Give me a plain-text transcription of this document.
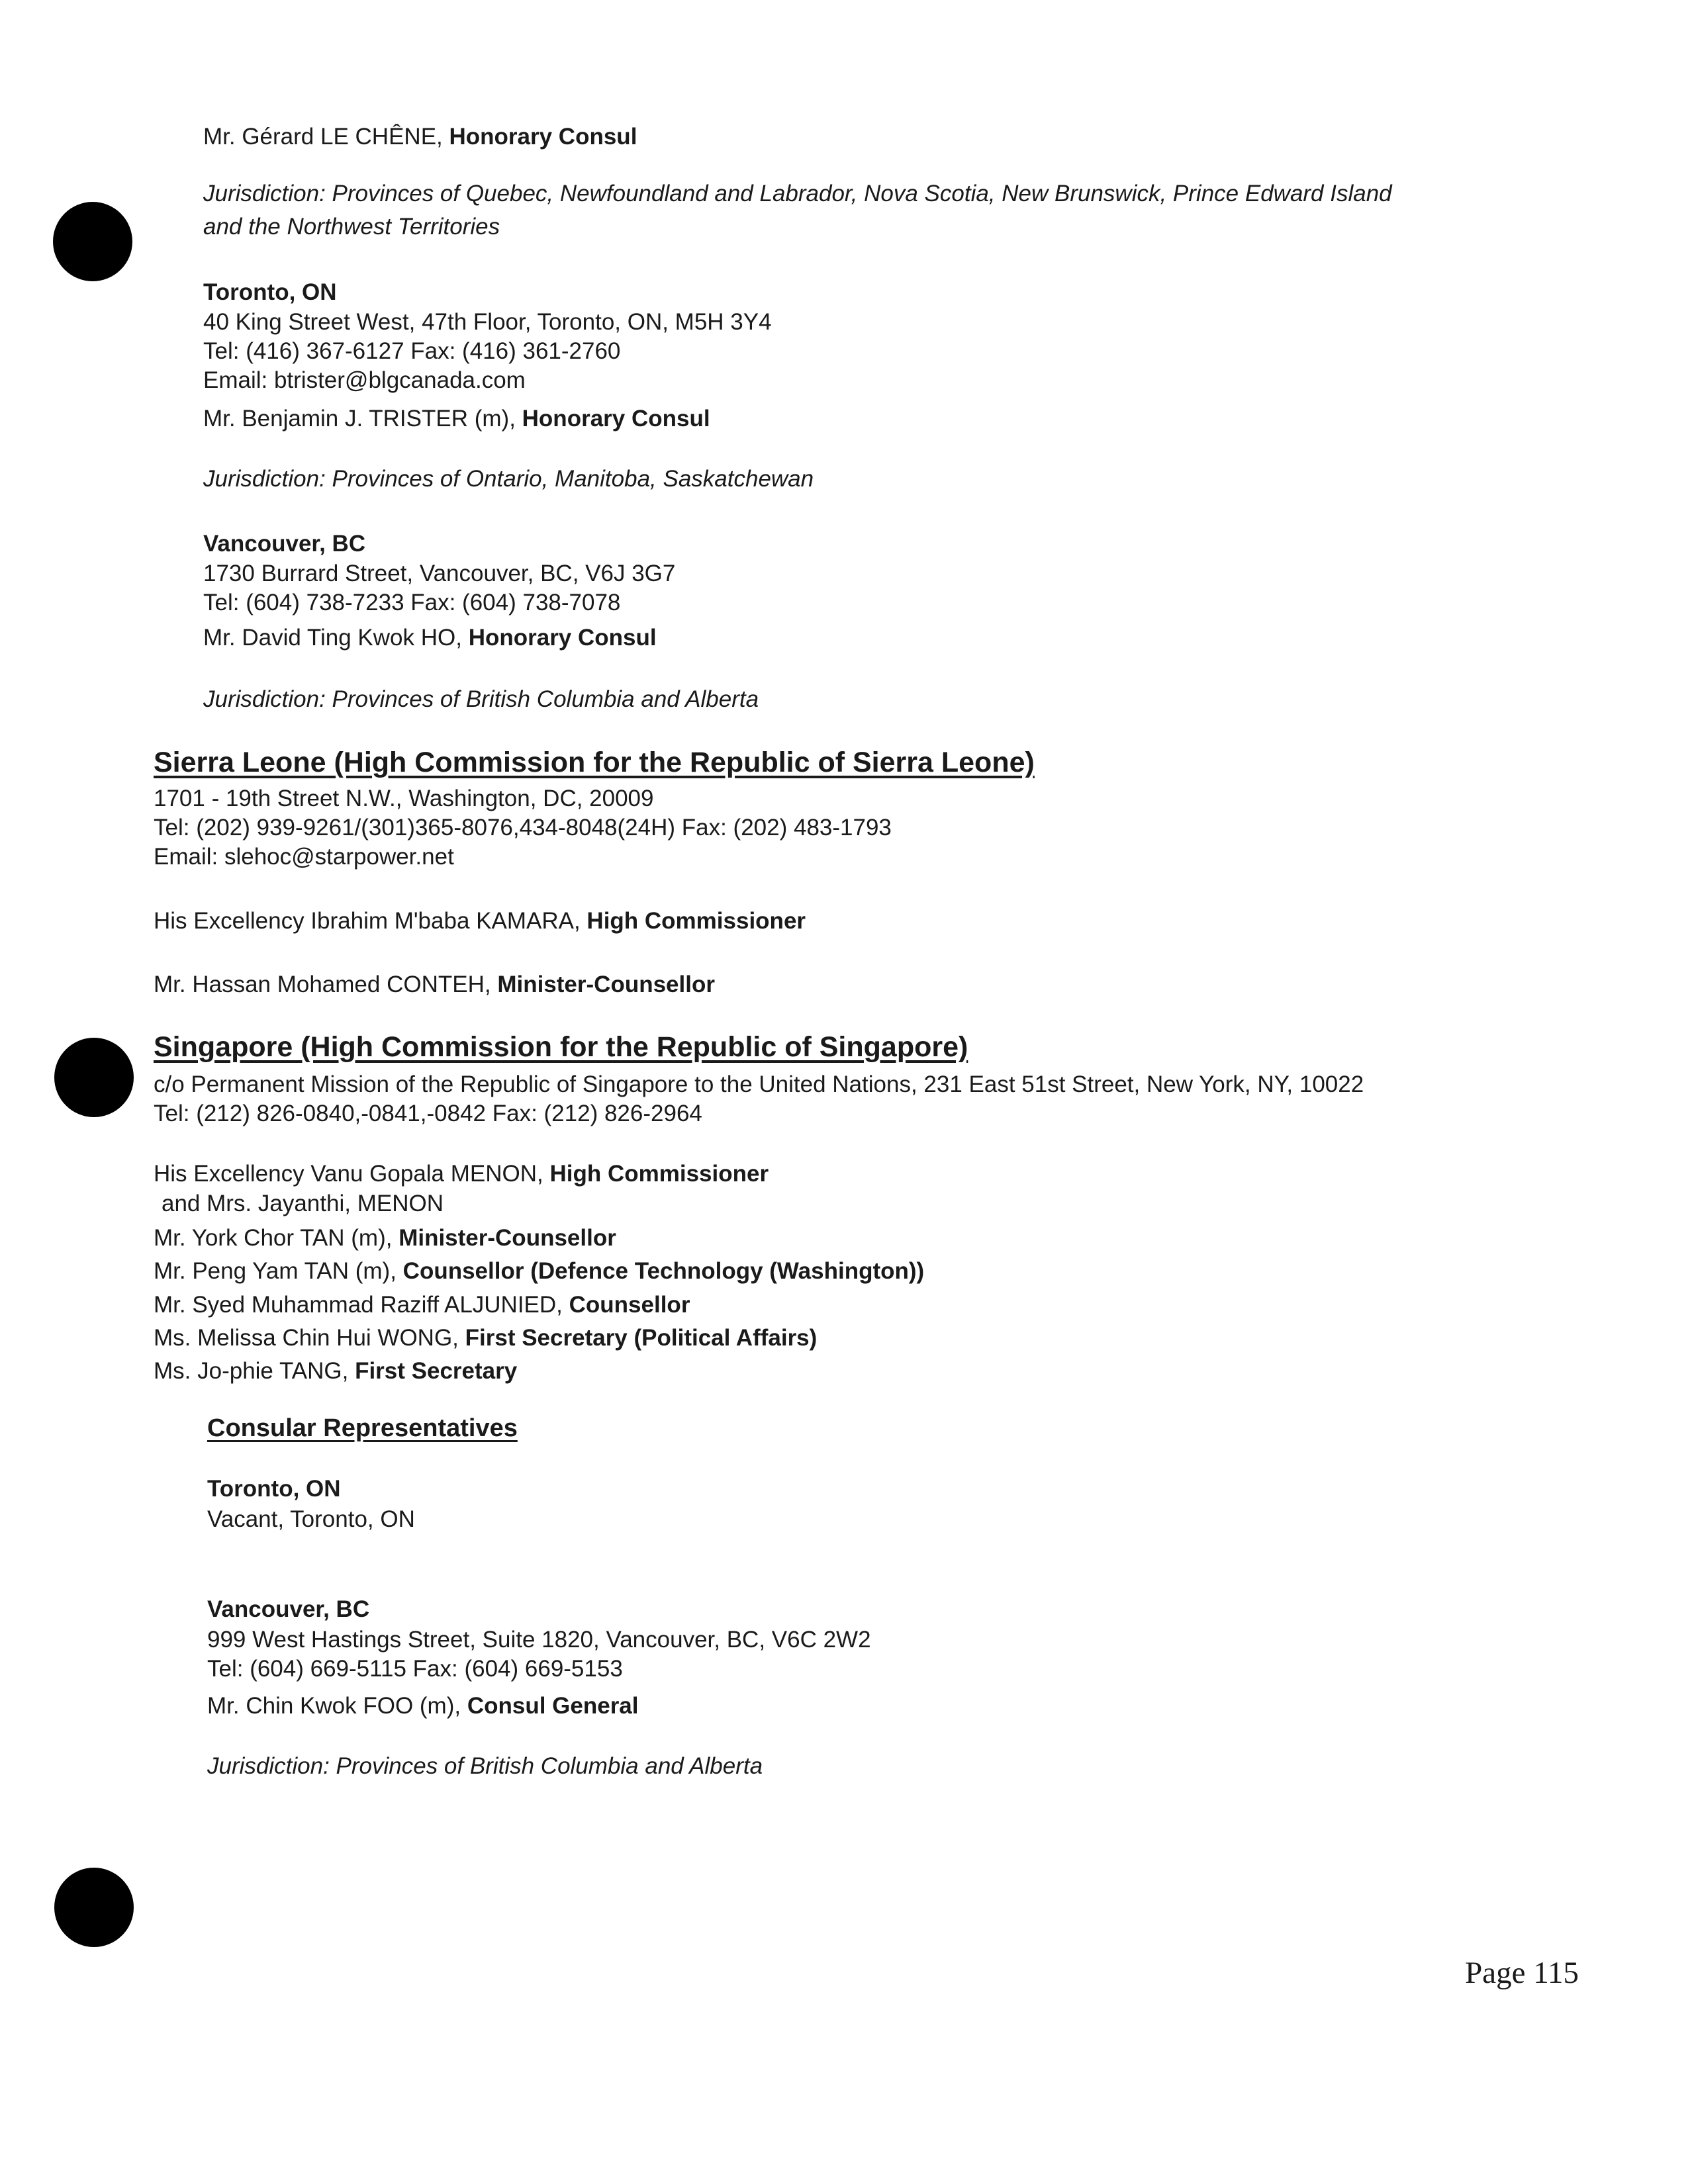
Mr. Gérard LE CHÊNE, Honorary Consul
Jurisdiction: Provinces of Quebec, Newfoundland and Labrador, Nova Scotia, New Brunswick, Prince Edward Island
and the Northwest Territories
Toronto, ON
40 King Street West, 47th Floor, Toronto, ON, M5H 3Y4
Tel: (416) 367-6127 Fax: (416) 361-2760
Email: btrister@blgcanada.com
Mr. Benjamin J. TRISTER (m), Honorary Consul
Jurisdiction: Provinces of Ontario, Manitoba, Saskatchewan
Vancouver, BC
1730 Burrard Street, Vancouver, BC, V6J 3G7
Tel: (604) 738-7233 Fax: (604) 738-7078
Mr. David Ting Kwok HO, Honorary Consul
Jurisdiction: Provinces of British Columbia and Alberta
Sierra Leone (High Commission for the Republic of Sierra Leone)
1701 - 19th Street N.W., Washington, DC, 20009
Tel: (202) 939-9261/(301)365-8076,434-8048(24H) Fax: (202) 483-1793
Email: slehoc@starpower.net
His Excellency Ibrahim M'baba KAMARA, High Commissioner
Mr. Hassan Mohamed CONTEH, Minister-Counsellor
Singapore (High Commission for the Republic of Singapore)
c/o Permanent Mission of the Republic of Singapore to the United Nations, 231 East 51st Street, New York, NY, 10022
Tel: (212) 826-0840,-0841,-0842 Fax: (212) 826-2964
His Excellency Vanu Gopala MENON, High Commissioner
and Mrs. Jayanthi, MENON
Mr. York Chor TAN (m), Minister-Counsellor
Mr. Peng Yam TAN (m), Counsellor (Defence Technology (Washington))
Mr. Syed Muhammad Raziff ALJUNIED, Counsellor
Ms. Melissa Chin Hui WONG, First Secretary (Political Affairs)
Ms. Jo-phie TANG, First Secretary
Consular Representatives
Toronto, ON
Vacant, Toronto, ON
Vancouver, BC
999 West Hastings Street, Suite 1820, Vancouver, BC, V6C 2W2
Tel: (604) 669-5115 Fax: (604) 669-5153
Mr. Chin Kwok FOO (m), Consul General
Jurisdiction: Provinces of British Columbia and Alberta
Page 115
